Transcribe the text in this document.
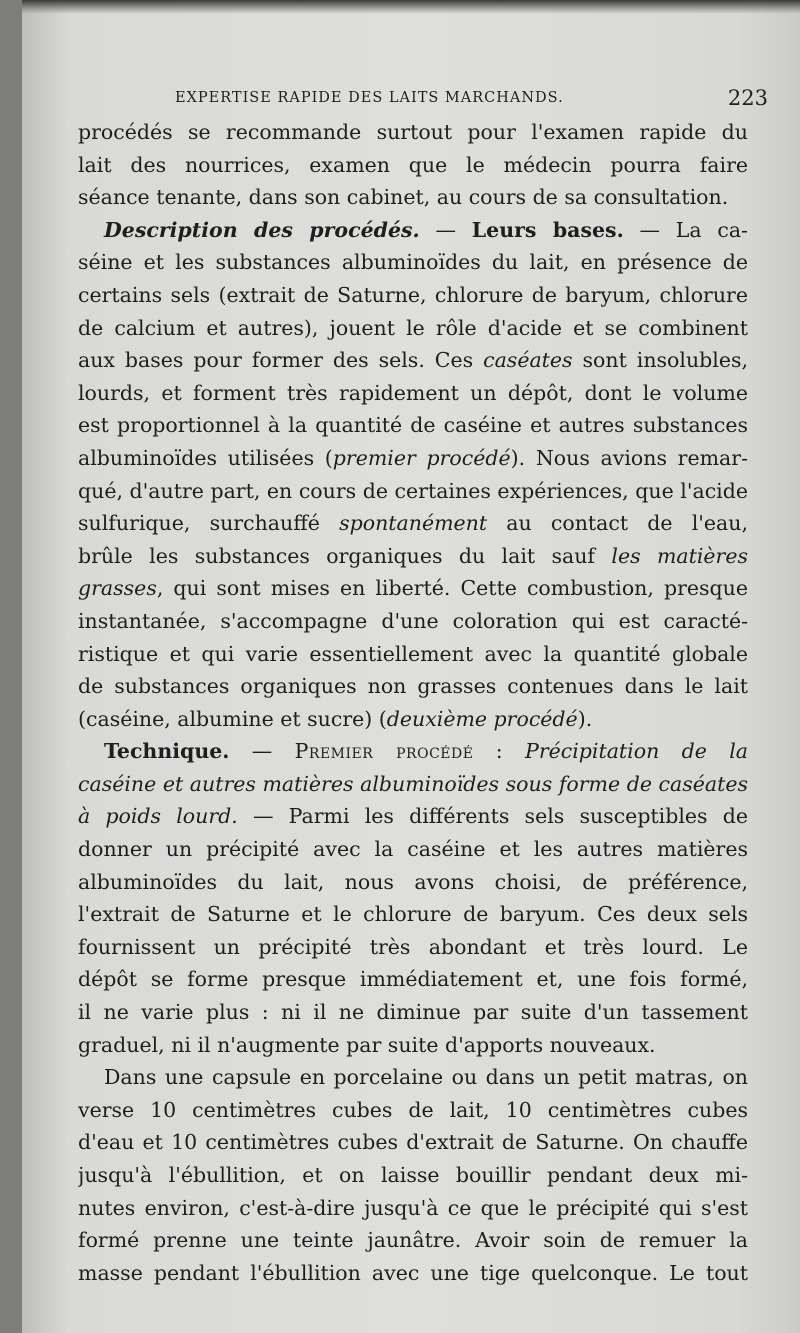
EXPERTISE RAPIDE DES LAITS MARCHANDS.	223
procédés se recommande surtout pour l'examen rapide du
lait des nourrices, examen que le médecin pourra faire
séance tenante, dans son cabinet, au cours de sa consultation.
Description des procédés. — Leurs bases. — La ca-
séine et les substances albuminoïdes du lait, en présence de
certains sels (extrait de Saturne, chlorure de baryum, chlorure
de calcium et autres), jouent le rôle d'acide et se combinent
aux bases pour former des sels. Ces caséates sont insolubles,
lourds, et forment très rapidement un dépôt, dont le volume
est proportionnel à la quantité de caséine et autres substances
albuminoïdes utilisées (premier procédé). Nous avions remar-
qué, d'autre part, en cours de certaines expériences, que l'acide
sulfurique, surchauffé spontanément au contact de l'eau,
brûle les substances organiques du lait sauf les matières
grasses, qui sont mises en liberté. Cette combustion, presque
instantanée, s'accompagne d'une coloration qui est caracté-
ristique et qui varie essentiellement avec la quantité globale
de substances organiques non grasses contenues dans le lait
(caséine, albumine et sucre) (deuxième procédé).
Technique. — Premier procédé : Précipitation de la
caséine et autres matières albuminoïdes sous forme de caséates
à poids lourd. — Parmi les différents sels susceptibles de
donner un précipité avec la caséine et les autres matières
albuminoïdes du lait, nous avons choisi, de préférence,
l'extrait de Saturne et le chlorure de baryum. Ces deux sels
fournissent un précipité très abondant et très lourd. Le
dépôt se forme presque immédiatement et, une fois formé,
il ne varie plus : ni il ne diminue par suite d'un tassement
graduel, ni il n'augmente par suite d'apports nouveaux.
Dans une capsule en porcelaine ou dans un petit matras, on
verse 10 centimètres cubes de lait, 10 centimètres cubes
d'eau et 10 centimètres cubes d'extrait de Saturne. On chauffe
jusqu'à l'ébullition, et on laisse bouillir pendant deux mi-
nutes environ, c'est-à-dire jusqu'à ce que le précipité qui s'est
formé prenne une teinte jaunâtre. Avoir soin de remuer la
masse pendant l'ébullition avec une tige quelconque. Le tout
